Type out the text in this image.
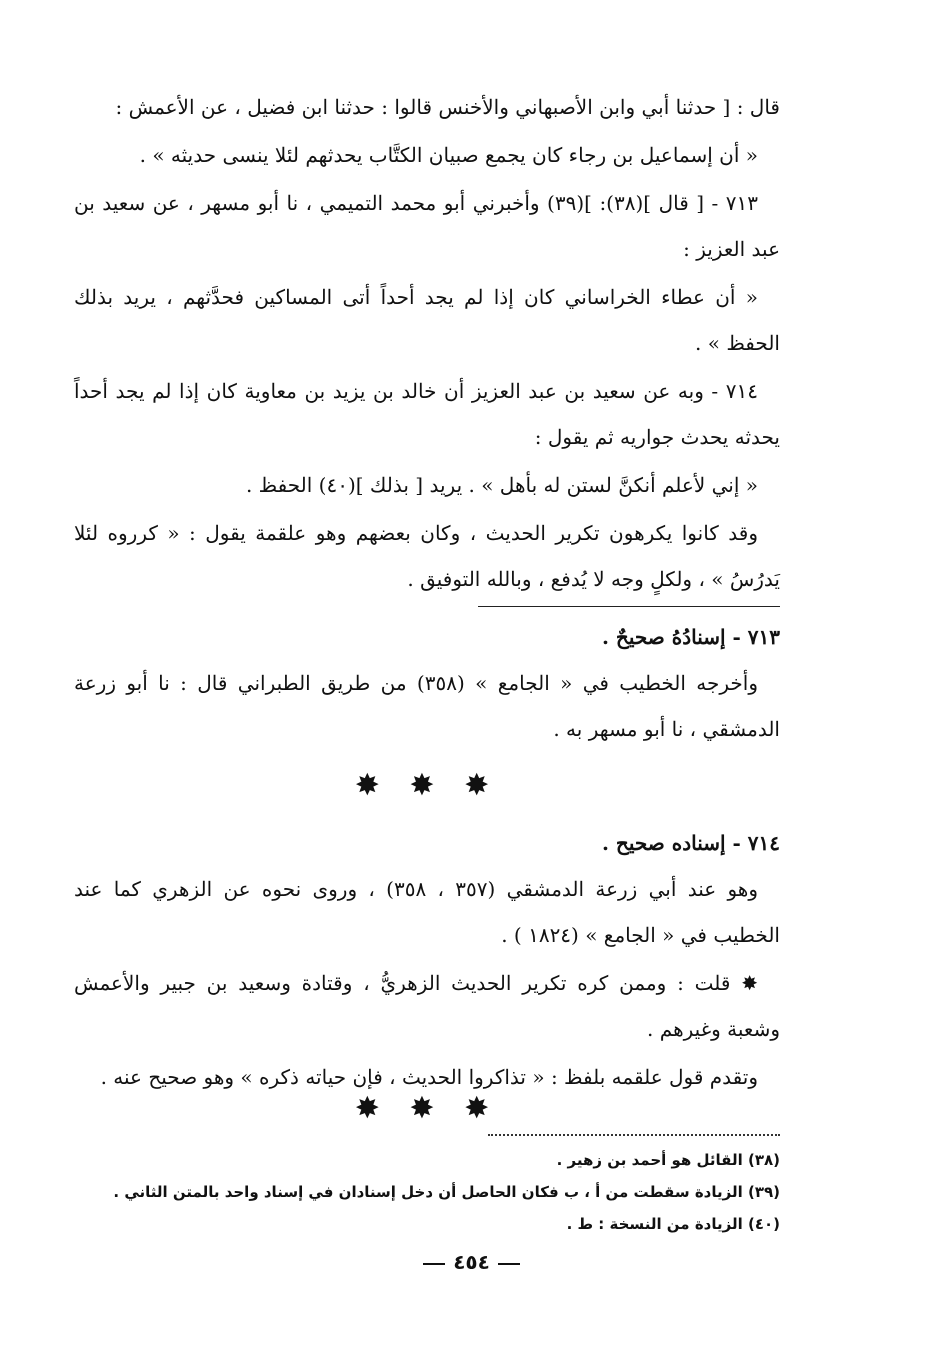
قال : [ حدثنا أبي وابن الأصبهاني والأخنس قالوا : حدثنا ابن فضيل ، عن الأعمش :
« أن إسماعيل بن رجاء كان يجمع صبيان الكتَّاب يحدثهم لئلا ينسى حديثه » .
٧١٣ - [ قال ](٣٨): ](٣٩) وأخبرني أبو محمد التميمي ، نا أبو مسهر ، عن سعيد بن عبد العزيز :
« أن عطاء الخراساني كان إذا لم يجد أحداً أتى المساكين فحدَّثهم ، يريد بذلك الحفظ » .
٧١٤ - وبه عن سعيد بن عبد العزيز أن خالد بن يزيد بن معاوية كان إذا لم يجد أحداً يحدثه يحدث جواريه ثم يقول :
« إني لأعلم أنكنَّ لستن له بأهل » . يريد [ بذلك ](٤٠) الحفظ .
وقد كانوا يكرهون تكرير الحديث ، وكان بعضهم وهو علقمة يقول : « كرروه لئلا يَدرُسُ » ، ولكلٍ وجه لا يُدفع ، وبالله التوفيق .
٧١٣ - إسنادُهُ صحيحٌ .
وأخرجه الخطيب في « الجامع » (٣٥٨) من طريق الطبراني قال : نا أبو زرعة الدمشقي ، نا أبو مسهر به .
✸ ✸ ✸
٧١٤ - إسناده صحيح .
وهو عند أبي زرعة الدمشقي (٣٥٧ ، ٣٥٨) ، وروى نحوه عن الزهري كما عند الخطيب في « الجامع » (١٨٢٤ ) .
✸ قلت : وممن كره تكرير الحديث الزهريُّ ، وقتادة وسعيد بن جبير والأعمش وشعبة وغيرهم .
وتقدم قول علقمه بلفظ : « تذاكروا الحديث ، فإن حياته ذكره » وهو صحيح عنه .
✸ ✸ ✸
(٣٨) القائل هو أحمد بن زهير .
(٣٩) الزيادة سقطت من أ ، ب فكان الحاصل أن دخل إسنادان في إسناد واحد بالمتن الثاني .
(٤٠) الزيادة من النسخة : ط .
٤٥٤
